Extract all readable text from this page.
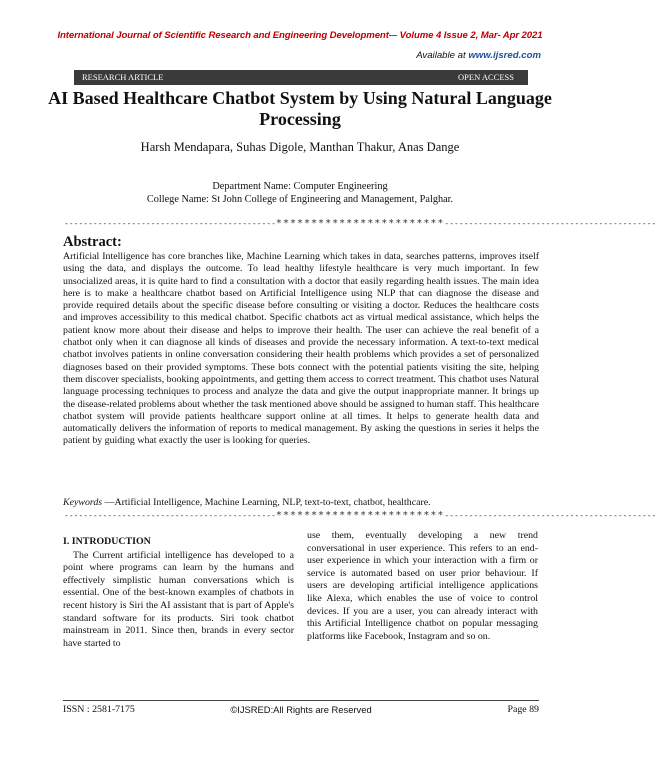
International Journal of Scientific Research and Engineering Development-– Volume 4 Issue 2, Mar- Apr 2021
Available at www.ijsred.com
RESEARCH ARTICLE	OPEN ACCESS
AI Based Healthcare Chatbot System by Using Natural Language Processing
Harsh Mendapara, Suhas Digole, Manthan Thakur, Anas Dange
Department Name: Computer Engineering
College Name: St John College of Engineering and Management, Palghar.
--------------------------------------------************************--------------------------------------------
Abstract:
Artificial Intelligence has core branches like, Machine Learning which takes in data, searches patterns, improves itself using the data, and displays the outcome. To lead healthy lifestyle healthcare is very much important. In few unsocialized areas, it is quite hard to find a consultation with a doctor that easily regarding health issues. The main idea here is to make a healthcare chatbot based on Artificial Intelligence using NLP that can diagnose the disease and provide required details about the specific disease before consulting or visiting a doctor. Reduces the healthcare costs and improves accessibility to this medical chatbot. Specific chatbots act as virtual medical assistance, which helps the patient know more about their disease and helps to improve their health. The user can achieve the real benefit of a chatbot only when it can diagnose all kinds of diseases and provide the necessary information. A text-to-text medical chatbot involves patients in online conversation considering their health problems which provides a set of personalized diagnoses based on their provided symptoms. These bots connect with the potential patients visiting the site, helping them discover specialists, booking appointments, and getting them access to correct treatment. This chatbot uses Natural language processing techniques to process and analyze the data and give the output inappropriate manner. It brings up the disease-related problems about whether the task mentioned above should be assigned to human staff. This healthcare chatbot system will provide patients healthcare support online at all times. It helps to generate health data and automatically delivers the information of reports to medical management. By asking the questions in series it helps the patient by guiding what exactly the user is looking for queries.
Keywords —Artificial Intelligence, Machine Learning, NLP, text-to-text, chatbot, healthcare.
--------------------------------------------************************--------------------------------------------
I. INTRODUCTION

The Current artificial intelligence has developed to a point where programs can learn by the humans and effectively simplistic human conversations which is essential. One of the best-known examples of chatbots in recent history is Siri the AI assistant that is part of Apple's standard software for its products. Siri took chatbot mainstream in 2011. Since then, brands in every sector have started to

use them, eventually developing a new trend conversational in user experience. This refers to an end-user experience in which your interaction with a firm or service is automated based on user prior behaviour. If users are developing artificial intelligence applications like Alexa, which enables the use of voice to control devices. If you are a user, you can already interact with this Artificial Intelligence chatbot on popular messaging platforms like Facebook, Instagram and so on.

ISSN : 2581-7175	©IJSRED:All Rights are Reserved	Page 89
